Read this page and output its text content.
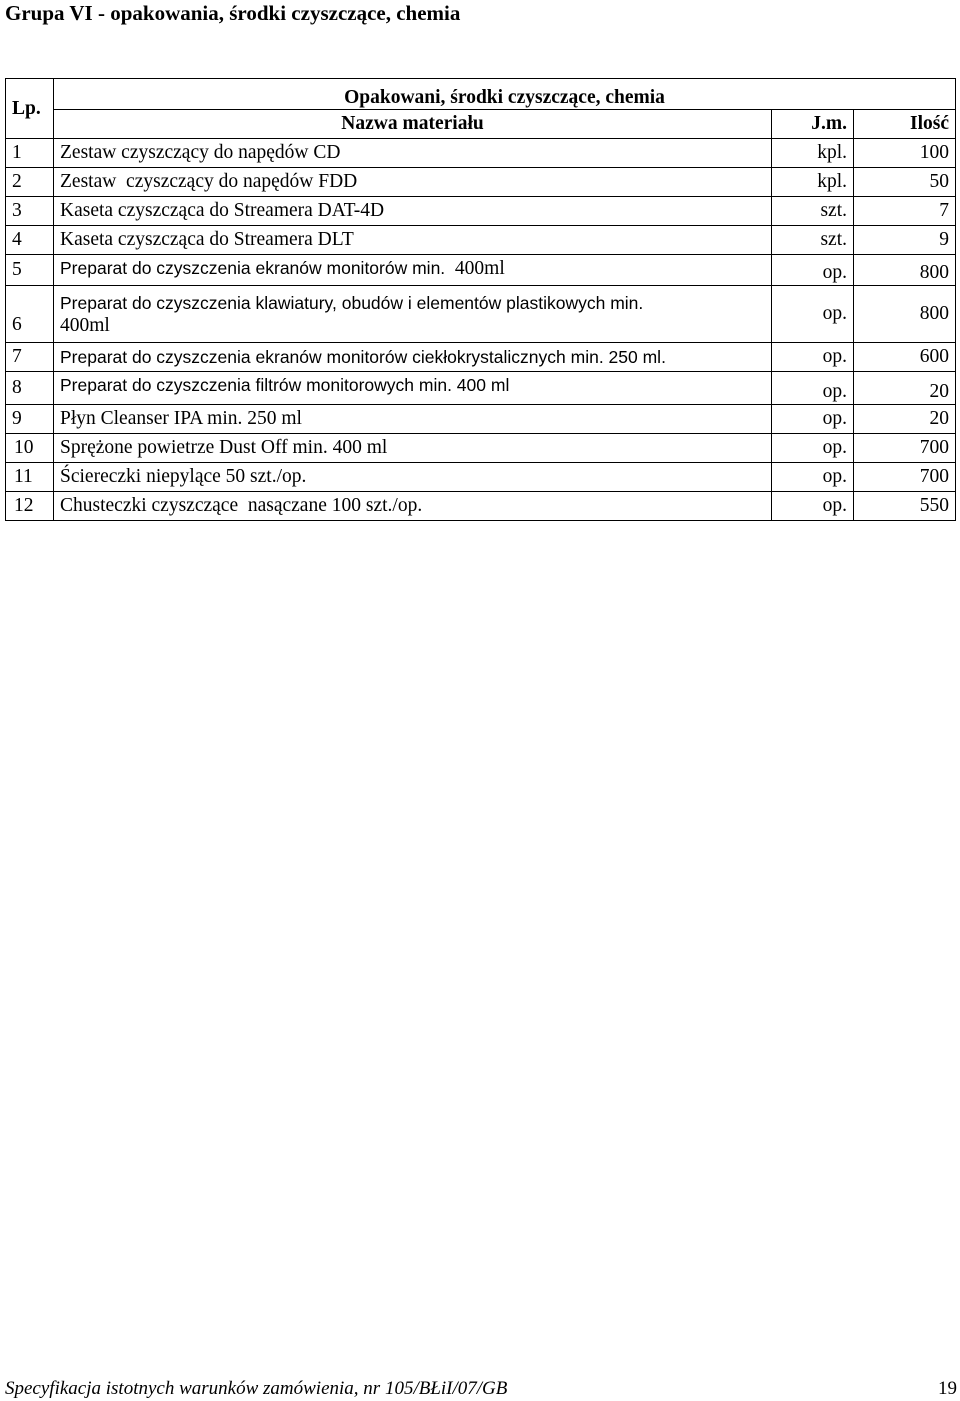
Grupa VI - opakowania, środki czyszczące, chemia
Lp.	Opakowani, środki czyszczące, chemia		
	Nazwa materiału	J.m.	Ilość
1	Zestaw czyszczący do napędów CD	kpl.	100
2	Zestaw  czyszczący do napędów FDD	kpl.	50
3	Kaseta czyszcząca do Streamera DAT-4D	szt.	7
4	Kaseta czyszcząca do Streamera DLT	szt.	9
5	Preparat do czyszczenia ekranów monitorów min. 400ml	op.	800
6	Preparat do czyszczenia klawiatury, obudów i elementów plastikowych min.
400ml	op.	800
7	Preparat do czyszczenia ekranów monitorów ciekłokrystalicznych min. 250 ml.	op.	600
8	Preparat do czyszczenia filtrów monitorowych min. 400 ml	op.	20
9	Płyn Cleanser IPA min. 250 ml	op.	20
10	Sprężone powietrze Dust Off min. 400 ml	op.	700
11	Ściereczki niepylące 50 szt./op.	op.	700
12	Chusteczki czyszczące  nasączane 100 szt./op.	op.	550
Specyfikacja istotnych warunków zamówienia, nr 105/BŁiI/07/GB	19
